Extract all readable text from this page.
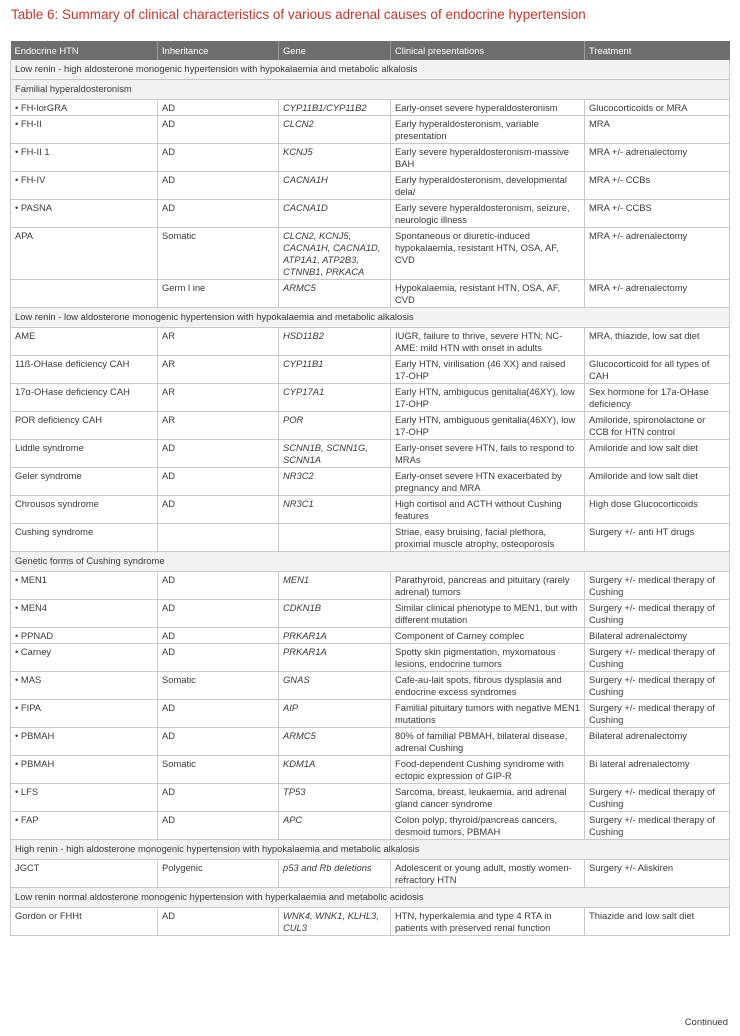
Table 6: Summary of clinical characteristics of various adrenal causes of endocrine hypertension
Endocrine HTN	Inheritance	Gene	Clinical presentations	Treatment
Low renin - high aldosterone monogenic hypertension with hypokalaemia and metabolic alkalosis				
Familial hyperaldosteronism				
• FH-lorGRA	AD	CYP11B1/CYP11B2	Early-onset severe hyperaldosteronism	Glucocorticoids or MRA
• FH-II	AD	CLCN2	Early hyperaldosteronism, variable presentation	MRA
• FH-II 1	AD	KCNJ5	Early severe hyperaldosteronism-massive BAH	MRA +/- adrenalectomy
• FH-IV	AD	CACNA1H	Early hyperaldosteronism, developmental dela/	MRA +/- CCBs
• PASNA	AD	CACNA1D	Early severe hyperaldosteronism, seizure, neurologic illness	MRA +/- CCBS
APA	Somatic	CLCN2, KCNJ5, CACNA1H, CACNA1D, ATP1A1, ATP2B3, CTNNB1, PRKACA	Spontaneous or diuretic-induced hypokalaemia, resistant HTN, OSA, AF, CVD	MRA +/- adrenalectomy
	Germ l ine	ARMC5	Hypokalaemia, resistant HTN, OSA, AF, CVD	MRA +/- adrenalectomy
Low renin - low aldosterone monogenic hypertension with hypokalaemia and metabolic alkalosis				
AME	AR	HSD11B2	IUGR, failure to thrive, severe HTN; NC-AME: mild HTN with onset in adults	MRA, thiazide, low sat diet
11ß-OHase deficiency CAH	AR	CYP11B1	Early HTN, virilisation (46 XX) and raised 17-OHP	Glucocorticoid for all types of CAH
17α-OHase deficiency CAH	AR	CYP17A1	Early HTN, ambigucus genitalia(46XY), low 17-OHP	Sex hormone for 17a-OHase deficiency
POR deficiency CAH	AR	POR	Early HTN, ambiguous genitalia(46XY), low 17-OHP	Amiloride, spironolactone or CCB for HTN control
Liddle syndrome	AD	SCNN1B, SCNN1G, SCNN1A	Early-onset severe HTN, fails to respond to MRAs	Amiloride and low salt diet
Geler syndrome	AD	NR3C2	Early-onset severe HTN exacerbated by pregnancy and MRA	Amiloride and low salt diet
Chrousos syndrome	AD	NR3C1	High cortisol and ACTH without Cushing features	High dose Glucocorticoids
Cushing syndrome			Striae, easy bruising, facial plethora, proximal muscle atrophy, osteoporosis	Surgery +/- anti HT drugs
Genetic forms of Cushing syndrome				
• MEN1	AD	MEN1	Parathyroid, pancreas and pituitary (rarely adrenal) tumors	Surgery +/- medical therapy of Cushing
• MEN4	AD	CDKN1B	Similar clinical phenotype to MEN1, but with different mutation	Surgery +/- medical therapy of Cushing
• PPNAD	AD	PRKAR1A	Component of Carney complec	Bilateral adrenalectomy
• Carney	AD	PRKAR1A	Spotty skin pigmentation, myxomatous lesions, endocrine tumors	Surgery +/- medical therapy of Cushing
• MAS	Somatic	GNAS	Cafe-au-lait spots, fibrous dysplasia and endocrine excess syndromes	Surgery +/- medical therapy of Cushing
• FIPA	AD	AIP	Familial pituitary tumors with negative MEN1 mutations	Surgery +/- medical therapy of Cushing
• PBMAH	AD	ARMC5	80% of familial PBMAH, bilateral disease, adrenal Cushing	Bilateral adrenalectomy
• PBMAH	Somatic	KDM1A	Food-dependent Cushing syndrome with ectopic expression of GIP-R	Bi lateral adrenalectomy
• LFS	AD	TP53	Sarcoma, breast, leukaemia, and adrenal gland cancer syndrome	Surgery +/- medical therapy of Cushing
• FAP	AD	APC	Colon polyp, thyroid/pancreas cancers, desmoid tumors, PBMAH	Surgery +/- medical therapy of Cushing
High renin - high aldosterone monogenic hypertension with hypokalaemia and metabolic alkalosis				
JGCT	Polygenic	p53 and Rb deletions	Adolescent or young adult, mostly women-refractory HTN	Surgery +/- Aliskiren
Low renin normal aldosterone monogenic hypertension with hyperkalaemia and metabolic acidosis				
Gordon or FHHt	AD	WNK4, WNK1, KLHL3, CUL3	HTN, hyperkalemia and type 4 RTA in patients with preserved renal function	Thiazide and low salt diet
Continued
